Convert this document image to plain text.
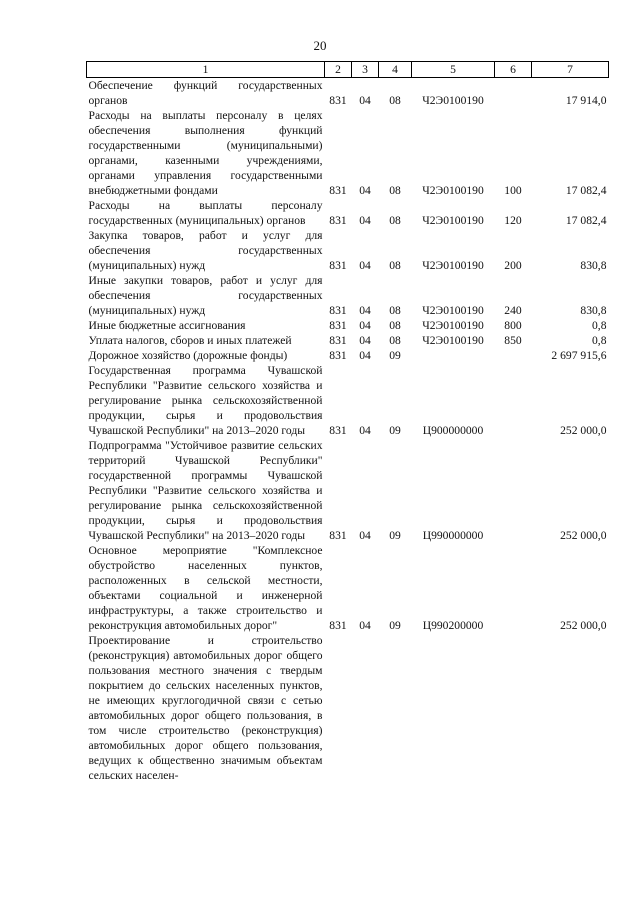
20
1	2	3	4	5	6	7
Обеспечение функций государственных органов	831	04	08	Ч2Э0100190		17 914,0
Расходы на выплаты персоналу в целях обеспечения выполнения функций государственными (муниципальными) органами, казенными учреждениями, органами управления государственными внебюджетными фондами	831	04	08	Ч2Э0100190	100	17 082,4
Расходы на выплаты персоналу государственных (муниципальных) органов	831	04	08	Ч2Э0100190	120	17 082,4
Закупка товаров, работ и услуг для обеспечения государственных (муниципальных) нужд	831	04	08	Ч2Э0100190	200	830,8
Иные закупки товаров, работ и услуг для обеспечения государственных (муниципальных) нужд	831	04	08	Ч2Э0100190	240	830,8
Иные бюджетные ассигнования	831	04	08	Ч2Э0100190	800	0,8
Уплата налогов, сборов и иных платежей	831	04	08	Ч2Э0100190	850	0,8
Дорожное хозяйство (дорожные фонды)	831	04	09			2 697 915,6
Государственная программа Чувашской Республики "Развитие сельского хозяйства и регулирование рынка сельскохозяйственной продукции, сырья и продовольствия Чувашской Республики" на 2013–2020 годы	831	04	09	Ц900000000		252 000,0
Подпрограмма "Устойчивое развитие сельских территорий Чувашской Республики" государственной программы Чувашской Республики "Развитие сельского хозяйства и регулирование рынка сельскохозяйственной продукции, сырья и продовольствия Чувашской Республики" на 2013–2020 годы	831	04	09	Ц990000000		252 000,0
Основное мероприятие "Комплексное обустройство населенных пунктов, расположенных в сельской местности, объектами социальной и инженерной инфраструктуры, а также строительство и реконструкция автомобильных дорог"	831	04	09	Ц990200000		252 000,0
Проектирование и строительство (реконструкция) автомобильных дорог общего пользования местного значения с твердым покрытием до сельских населенных пунктов, не имеющих круглогодичной связи с сетью автомобильных дорог общего пользования, в том числе строительство (реконструкция) автомобильных дорог общего пользования, ведущих к общественно значимым объектам сельских населен-						
